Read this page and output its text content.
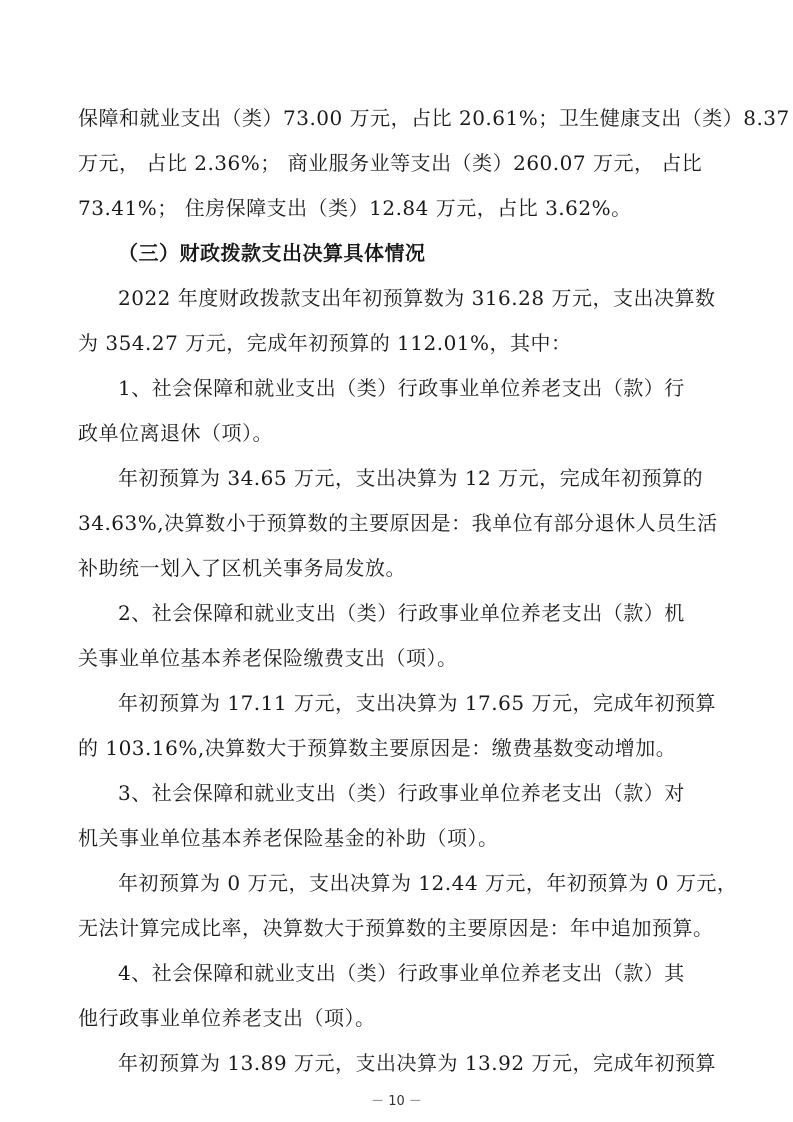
保障和就业支出（类）73.00 万元，占比 20.61%；卫生健康支出（类）8.37
万元， 占比 2.36%； 商业服务业等支出（类）260.07 万元， 占比
73.41%； 住房保障支出（类）12.84 万元，占比 3.62%。
（三）财政拨款支出决算具体情况
2022 年度财政拨款支出年初预算数为 316.28 万元，支出决算数
为 354.27 万元，完成年初预算的 112.01%，其中：
1、社会保障和就业支出（类）行政事业单位养老支出（款）行
政单位离退休（项）。
年初预算为 34.65 万元，支出决算为 12 万元，完成年初预算的
34.63%,决算数小于预算数的主要原因是：我单位有部分退休人员生活
补助统一划入了区机关事务局发放。
2、社会保障和就业支出（类）行政事业单位养老支出（款）机
关事业单位基本养老保险缴费支出（项）。
年初预算为 17.11 万元，支出决算为 17.65 万元，完成年初预算
的 103.16%,决算数大于预算数主要原因是：缴费基数变动增加。
3、社会保障和就业支出（类）行政事业单位养老支出（款）对
机关事业单位基本养老保险基金的补助（项）。
年初预算为 0 万元，支出决算为 12.44 万元，年初预算为 0 万元，
无法计算完成比率，决算数大于预算数的主要原因是：年中追加预算。
4、社会保障和就业支出（类）行政事业单位养老支出（款）其
他行政事业单位养老支出（项）。
年初预算为 13.89 万元，支出决算为 13.92 万元，完成年初预算
－ 10 －
